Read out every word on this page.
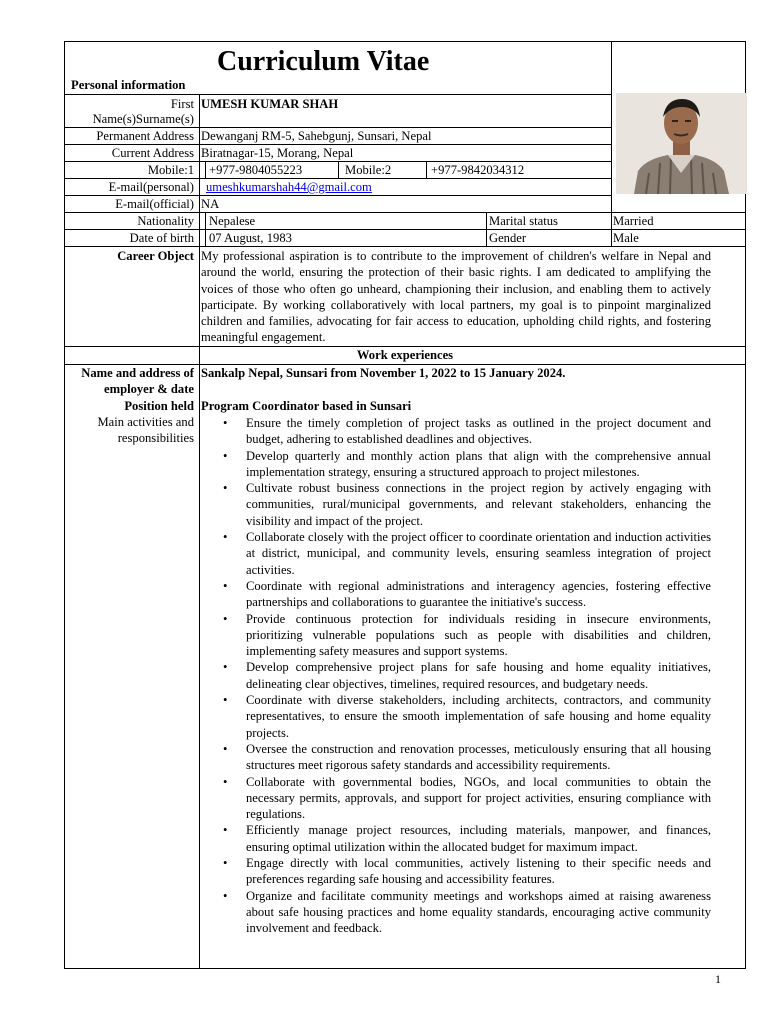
Curriculum Vitae
Personal information
First
Name(s)Surname(s)
UMESH KUMAR SHAH
Permanent Address Dewanganj RM-5, Sahebgunj, Sunsari, Nepal
Current Address Biratnagar-15, Morang, Nepal
Mobile:1 +977-9804055223	Mobile:2	+977-9842034312
E-mail(personal) umeshkumarshah44@gmail.com
E-mail(official) NA
Nationality Nepalese	Marital status	Married
Date of birth 07 August, 1983	Gender	Male
Career Object My professional aspiration is to contribute to the improvement of children's welfare in Nepal and around the world, ensuring the protection of their basic rights. I am dedicated to amplifying the voices of those who often go unheard, championing their inclusion, and enabling them to actively participate. By working collaboratively with local partners, my goal is to pinpoint marginalized children and families, advocating for fair access to education, upholding child rights, and fostering meaningful engagement.
Work experiences
Name and address of
employer & date
Sankalp Nepal, Sunsari from November 1, 2022 to 15 January 2024.
Position held Program Coordinator based in Sunsari
Main activities and
responsibilities
• Ensure the timely completion of project tasks as outlined in the project document and budget, adhering to established deadlines and objectives.
• Develop quarterly and monthly action plans that align with the comprehensive annual implementation strategy, ensuring a structured approach to project milestones.
• Cultivate robust business connections in the project region by actively engaging with communities, rural/municipal governments, and relevant stakeholders, enhancing the visibility and impact of the project.
• Collaborate closely with the project officer to coordinate orientation and induction activities at district, municipal, and community levels, ensuring seamless integration of project activities.
• Coordinate with regional administrations and interagency agencies, fostering effective partnerships and collaborations to guarantee the initiative's success.
• Provide continuous protection for individuals residing in insecure environments, prioritizing vulnerable populations such as people with disabilities and children, implementing safety measures and support systems.
• Develop comprehensive project plans for safe housing and home equality initiatives, delineating clear objectives, timelines, required resources, and budgetary needs.
• Coordinate with diverse stakeholders, including architects, contractors, and community representatives, to ensure the smooth implementation of safe housing and home equality projects.
• Oversee the construction and renovation processes, meticulously ensuring that all housing structures meet rigorous safety standards and accessibility requirements.
• Collaborate with governmental bodies, NGOs, and local communities to obtain the necessary permits, approvals, and support for project activities, ensuring compliance with regulations.
• Efficiently manage project resources, including materials, manpower, and finances, ensuring optimal utilization within the allocated budget for maximum impact.
• Engage directly with local communities, actively listening to their specific needs and preferences regarding safe housing and accessibility features.
• Organize and facilitate community meetings and workshops aimed at raising awareness about safe housing practices and home equality standards, encouraging active community involvement and feedback.
1
